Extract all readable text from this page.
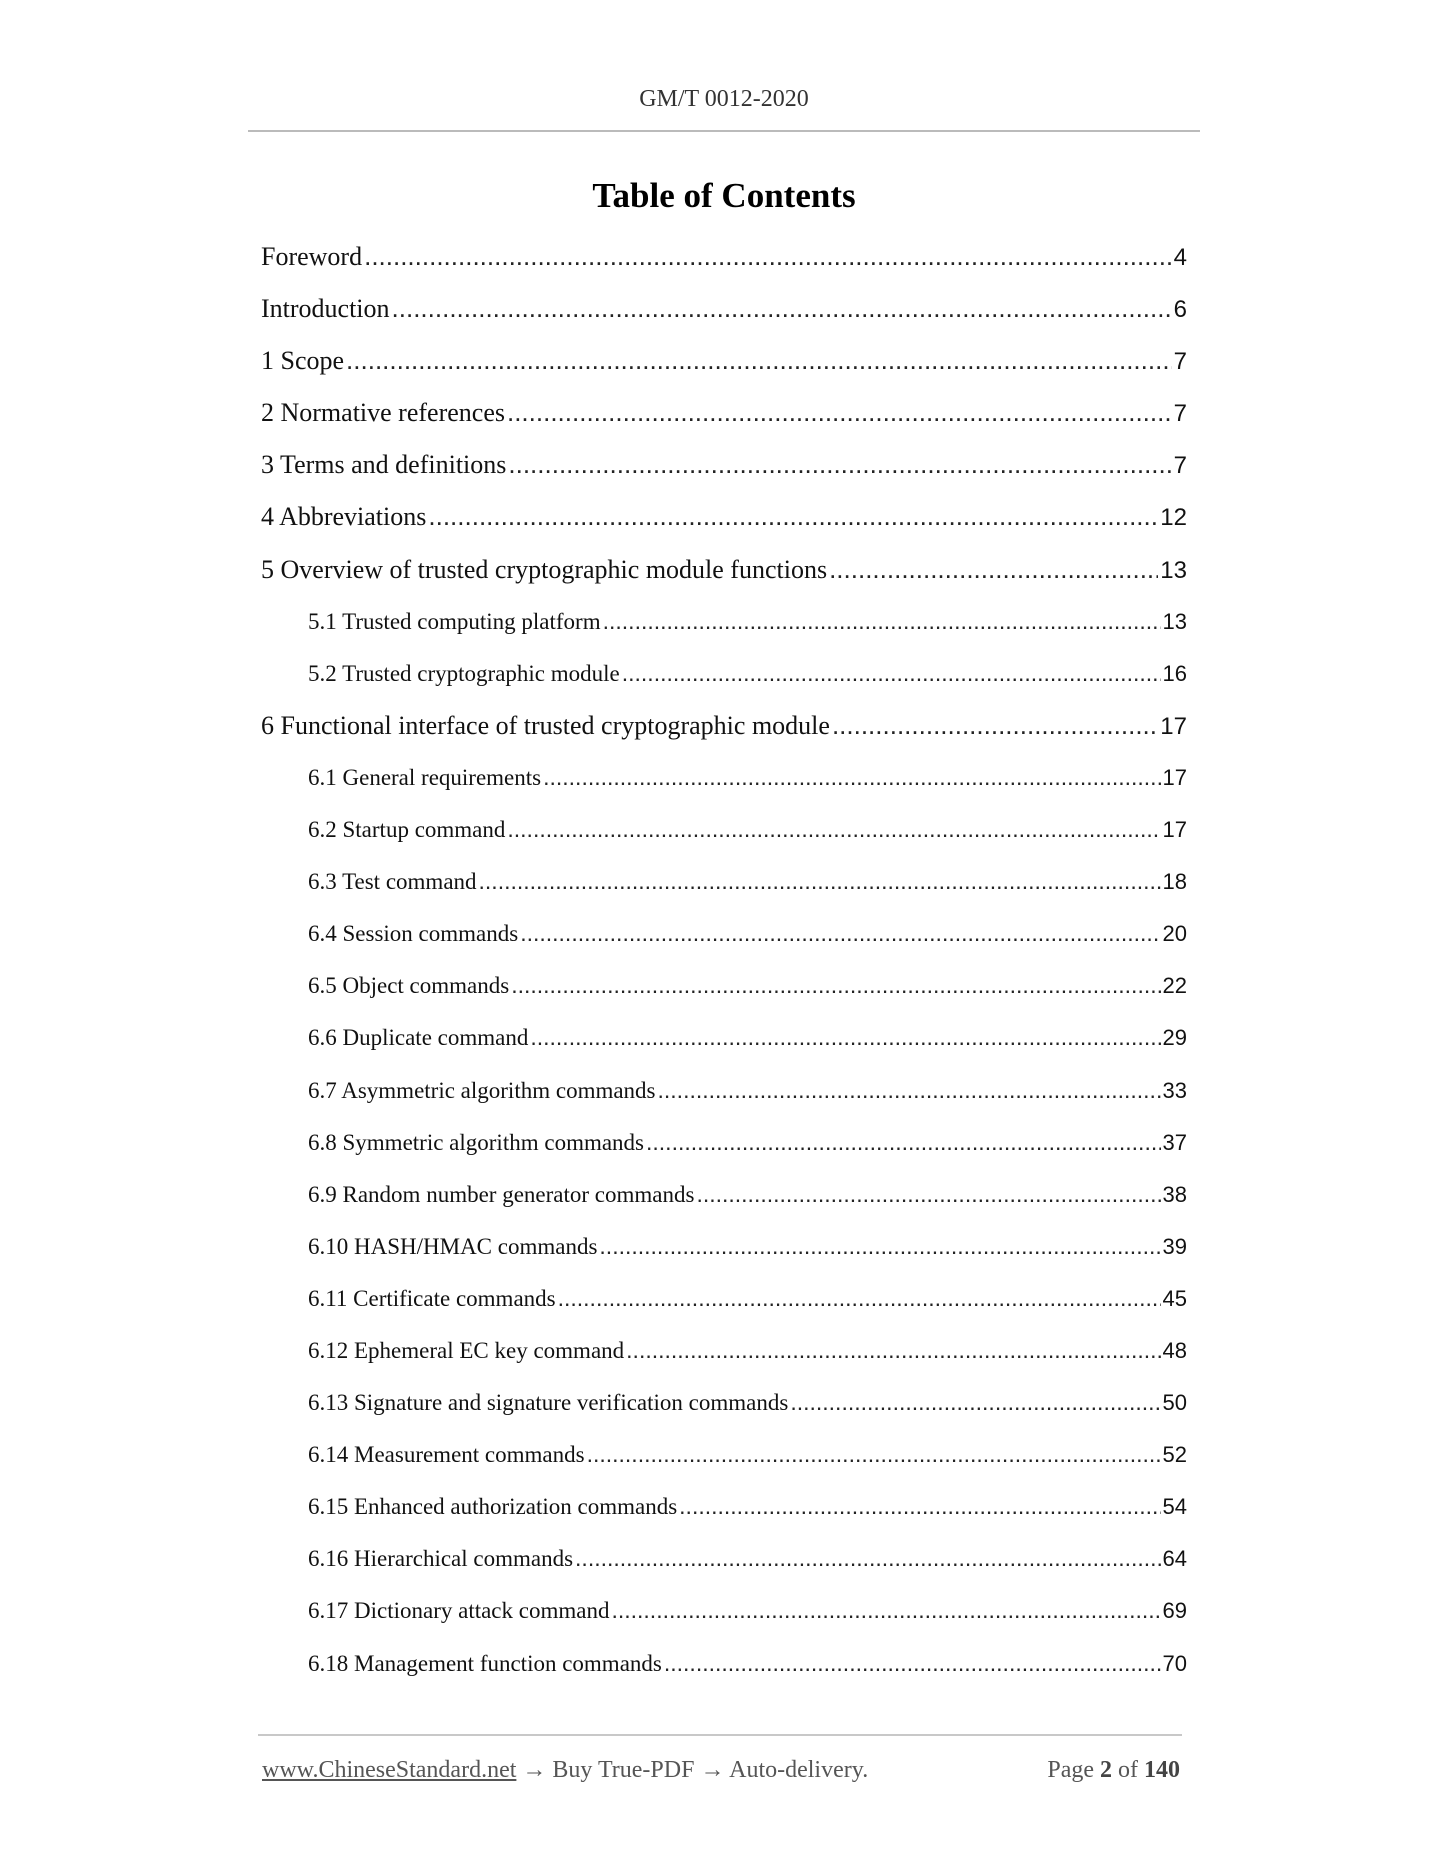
GM/T 0012-2020
Table of Contents
Foreword .....	4
Introduction .....	6
1 Scope .....	7
2 Normative references .....	7
3 Terms and definitions .....	7
4 Abbreviations .....	12
5 Overview of trusted cryptographic module functions .....	13
5.1 Trusted computing platform .....	13
5.2 Trusted cryptographic module .....	16
6 Functional interface of trusted cryptographic module .....	17
6.1 General requirements .....	17
6.2 Startup command .....	17
6.3 Test command .....	18
6.4 Session commands .....	20
6.5 Object commands .....	22
6.6 Duplicate command .....	29
6.7 Asymmetric algorithm commands .....	33
6.8 Symmetric algorithm commands .....	37
6.9 Random number generator commands .....	38
6.10 HASH/HMAC commands .....	39
6.11 Certificate commands .....	45
6.12 Ephemeral EC key command .....	48
6.13 Signature and signature verification commands .....	50
6.14 Measurement commands .....	52
6.15 Enhanced authorization commands .....	54
6.16 Hierarchical commands .....	64
6.17 Dictionary attack command .....	69
6.18 Management function commands .....	70
www.ChineseStandard.net → Buy True-PDF → Auto-delivery.	Page 2 of 140
